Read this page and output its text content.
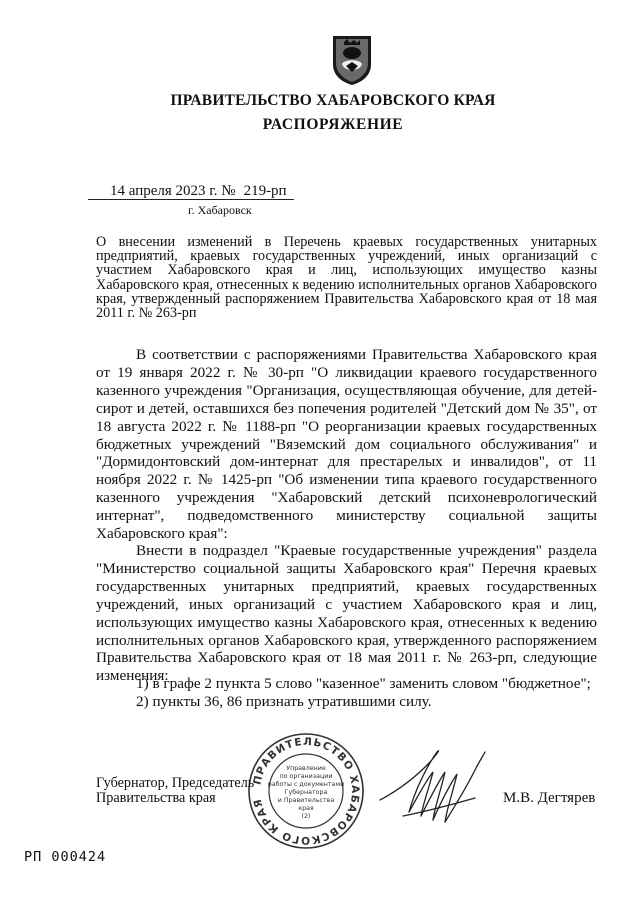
ПРАВИТЕЛЬСТВО ХАБАРОВСКОГО КРАЯ
РАСПОРЯЖЕНИЕ
14 апреля 2023 г. № 219-рп
г. Хабаровск
О внесении изменений в Перечень краевых государственных унитарных предприятий, краевых государственных учреждений, иных организаций с участием Хабаровского края и лиц, использующих имущество казны Хабаровского края, отнесенных к ведению исполнительных органов Хабаровского края, утвержденный распоряжением Правительства Хабаровского края от 18 мая 2011 г. № 263-рп
В соответствии с распоряжениями Правительства Хабаровского края от 19 января 2022 г. № 30-рп "О ликвидации краевого государственного казенного учреждения "Организация, осуществляющая обучение, для детей-сирот и детей, оставшихся без попечения родителей "Детский дом № 35", от 18 августа 2022 г. № 1188-рп "О реорганизации краевых государственных бюджетных учреждений "Вяземский дом социального обслуживания" и "Дормидонтовский дом-интернат для престарелых и инвалидов", от 11 ноября 2022 г. № 1425-рп "Об изменении типа краевого государственного казенного учреждения "Хабаровский детский психоневрологический интернат", подведомственного министерству социальной защиты Хабаровского края":
Внести в подраздел "Краевые государственные учреждения" раздела "Министерство социальной защиты Хабаровского края" Перечня краевых государственных унитарных предприятий, краевых государственных учреждений, иных организаций с участием Хабаровского края и лиц, использующих имущество казны Хабаровского края, отнесенных к ведению исполнительных органов Хабаровского края, утвержденного распоряжением Правительства Хабаровского края от 18 мая 2011 г. № 263-рп, следующие изменения:
1) в графе 2 пункта 5 слово "казенное" заменить словом "бюджетное";
2) пункты 36, 86 признать утратившими силу.
ПРАВИТЕЛЬСТВО ХАБАРОВСКОГО КРАЯ
Управление
по организации
работы с документами
Губернатора
и Правительства
края
(2)
Губернатор, Председатель
Правительства края	М.В. Дегтярев
РП 000424
